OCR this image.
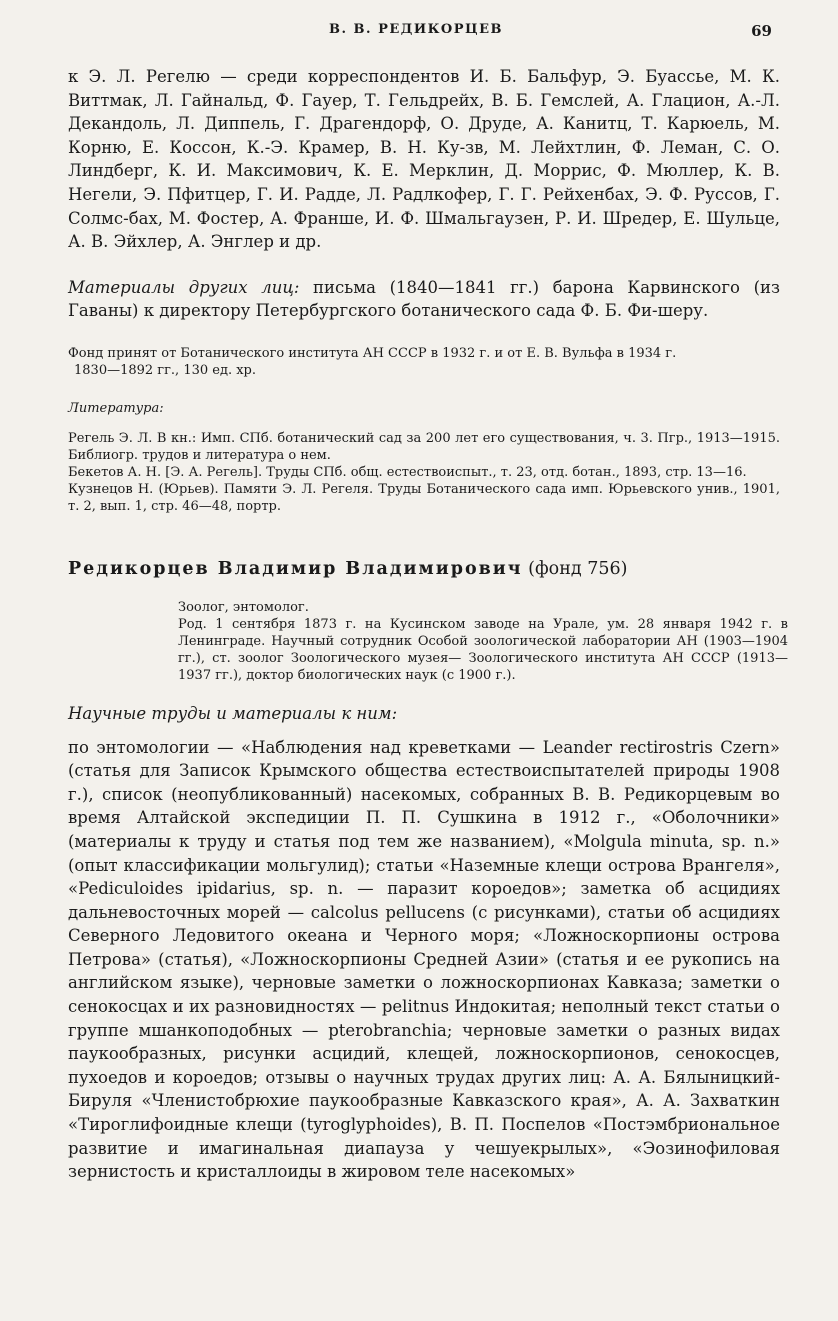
В. В. РЕДИКОРЦЕВ	69

к Э. Л. Регелю — среди корреспондентов И. Б. Бальфур, Э. Буассье, М. К. Виттмак, Л. Гайнальд, Ф. Гауер, Т. Гельдрейх, В. Б. Гемслей, А. Глацион, А.-Л. Декандоль, Л. Диппель, Г. Драгендорф, О. Друде, А. Канитц, Т. Карюель, М. Корню, Е. Коссон, К.-Э. Крамер, В. Н. Ку-зв, М. Лейхтлин, Ф. Леман, С. О. Линдберг, К. И. Максимович, К. Е. Мерклин, Д. Моррис, Ф. Мюллер, К. В. Негели, Э. Пфитцер, Г. И. Радде, Л. Радлкофер, Г. Г. Рейхенбах, Э. Ф. Руссов, Г. Солмс-бах, М. Фостер, А. Франше, И. Ф. Шмальгаузен, Р. И. Шредер, Е. Шульце, А. В. Эйхлер, А. Энглер и др.

Материалы других лиц: письма (1840—1841 гг.) барона Карвинского (из Гаваны) к директору Петербургского ботанического сада Ф. Б. Фи-шеру.

Фонд принят от Ботанического института АН СССР в 1932 г. и от Е. В. Вульфа в 1934 г.

1830—1892 гг., 130 ед. хр.

Литература:

Регель Э. Л. В кн.: Имп. СПб. ботанический сад за 200 лет его существования, ч. 3. Пгр., 1913—1915. Библиогр. трудов и литература о нем.

Бекетов А. Н. [Э. А. Регель]. Труды СПб. общ. естествоиспыт., т. 23, отд. ботан., 1893, стр. 13—16.

Кузнецов Н. (Юрьев). Памяти Э. Л. Регеля. Труды Ботанического сада имп. Юрьевского унив., 1901, т. 2, вып. 1, стр. 46—48, портр.

Редикорцев Владимир Владимирович (фонд 756)

Зоолог, энтомолог.

Род. 1 сентября 1873 г. на Кусинском заводе на Урале, ум. 28 января 1942 г. в Ленинграде. Научный сотрудник Особой зоологической лаборатории АН (1903—1904 гг.), ст. зоолог Зоологического музея— Зоологического института АН СССР (1913—1937 гг.), доктор биологических наук (с 1900 г.).

Научные труды и материалы к ним:

по энтомологии — «Наблюдения над креветками — Leander rectirostris Czern» (статья для Записок Крымского общества естествоиспытателей природы 1908 г.), список (неопубликованный) насекомых, собранных В. В. Редикорцевым во время Алтайской экспедиции П. П. Сушкина в 1912 г., «Оболочники» (материалы к труду и статья под тем же названием), «Molgula minuta, sp. n.» (опыт классификации мольгулид); статьи «Наземные клещи острова Врангеля», «Pediculoides ipidarius, sp. n. — паразит короедов»; заметка об асцидиях дальневосточных морей — calcolus pellucens (с рисунками), статьи об асцидиях Северного Ледовитого океана и Черного моря; «Ложноскорпионы острова Петрова» (статья), «Ложноскорпионы Средней Азии» (статья и ее рукопись на английском языке), черновые заметки о ложноскорпионах Кавказа; заметки о сенокосцах и их разновидностях — pelitnus Индокитая; неполный текст статьи о группе мшанкоподобных — pterobranchia; черновые заметки о разных видах паукообразных, рисунки асцидий, клещей, ложноскорпионов, сенокосцев, пухоедов и короедов; отзывы о научных трудах других лиц: А. А. Бялыницкий-Бируля «Членистобрюхие паукообразные Кавказского края», А. А. Захваткин «Тироглифоидные клещи (tyroglyphoides), В. П. Поспелов «Постэмбриональное развитие и имагинальная диапауза у чешуекрылых», «Эозинофиловая зернистость и кристаллоиды в жировом теле насекомых»
